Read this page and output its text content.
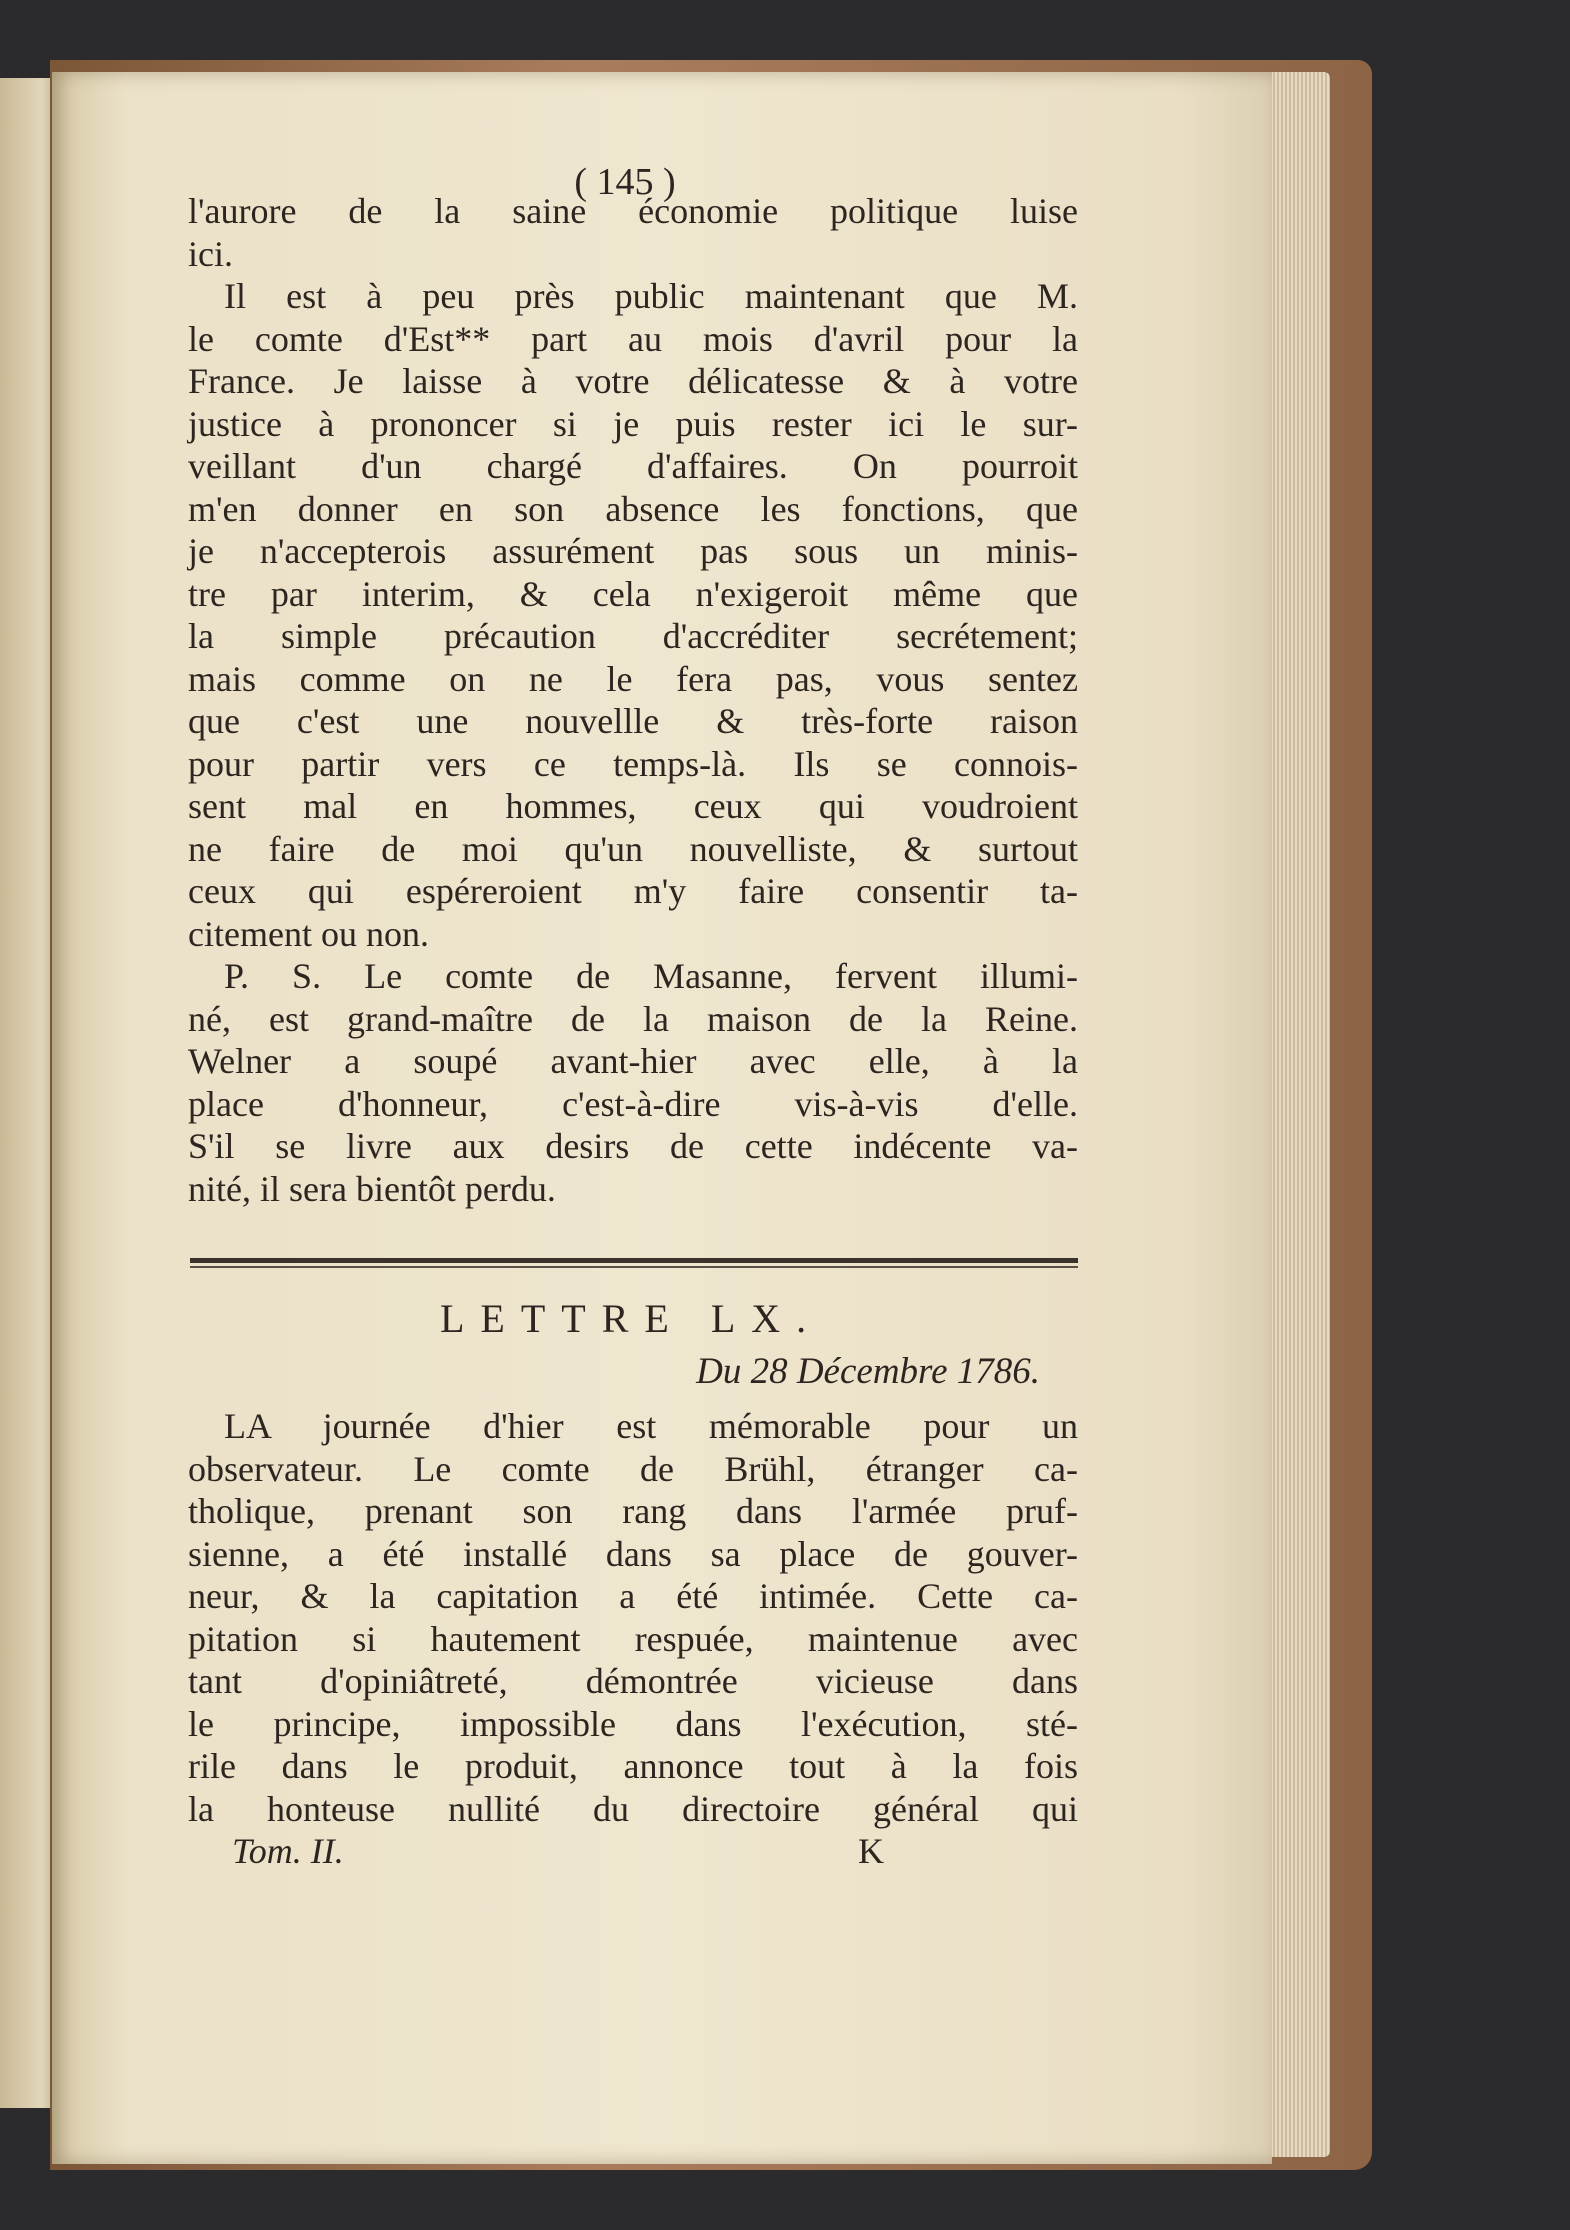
( 145 )
l'aurore de la saine économie politique luise
ici.
Il est à peu près public maintenant que M.
le comte d'Est** part au mois d'avril pour la
France. Je laisse à votre délicatesse & à votre
justice à prononcer si je puis rester ici le sur-
veillant d'un chargé d'affaires. On pourroit
m'en donner en son absence les fonctions, que
je n'accepterois assurément pas sous un minis-
tre par interim, & cela n'exigeroit même que
la simple précaution d'accréditer secrétement;
mais comme on ne le fera pas, vous sentez
que c'est une nouvellle & très-forte raison
pour partir vers ce temps-là. Ils se connois-
sent mal en hommes, ceux qui voudroient
ne faire de moi qu'un nouvelliste, & surtout
ceux qui espéreroient m'y faire consentir ta-
citement ou non.
P. S. Le comte de Masanne, fervent illumi-
né, est grand-maître de la maison de la Reine.
Welner a soupé avant-hier avec elle, à la
place d'honneur, c'est-à-dire vis-à-vis d'elle.
S'il se livre aux desirs de cette indécente va-
nité, il sera bientôt perdu.
LETTRE LX.
Du 28 Décembre 1786.
LA journée d'hier est mémorable pour un
observateur. Le comte de Brühl, étranger ca-
tholique, prenant son rang dans l'armée pruf-
sienne, a été installé dans sa place de gouver-
neur, & la capitation a été intimée. Cette ca-
pitation si hautement respuée, maintenue avec
tant d'opiniâtreté, démontrée vicieuse dans
le principe, impossible dans l'exécution, sté-
rile dans le produit, annonce tout à la fois
la honteuse nullité du directoire général qui
Tom. II.	K
